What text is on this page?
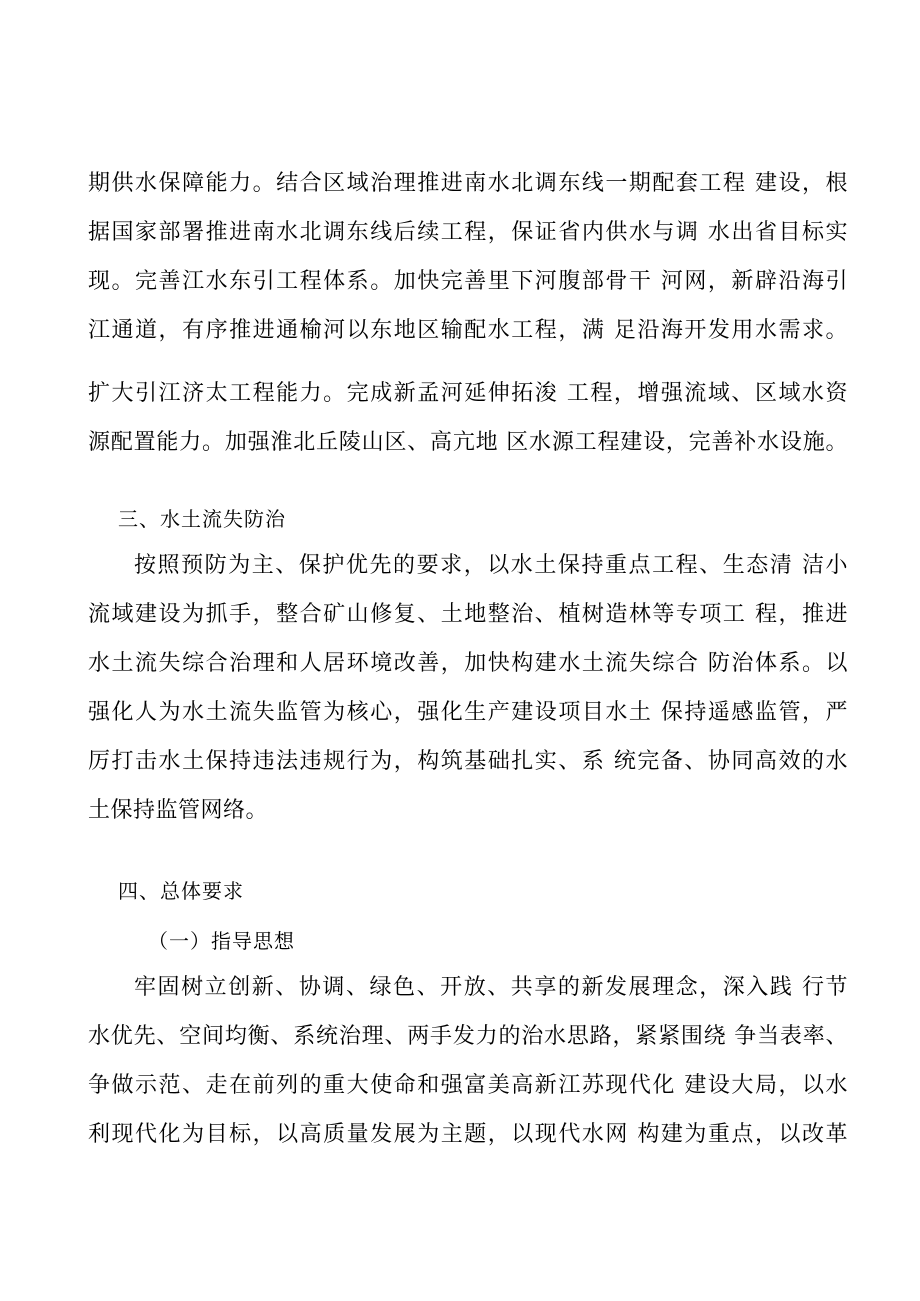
期供水保障能力。结合区域治理推进南水北调东线一期配套工程 建设，根
据国家部署推进南水北调东线后续工程，保证省内供水与调 水出省目标实
现。完善江水东引工程体系。加快完善里下河腹部骨干 河网，新辟沿海引
江通道，有序推进通榆河以东地区输配水工程，满 足沿海开发用水需求。
扩大引江济太工程能力。完成新孟河延伸拓浚 工程，增强流域、区域水资
源配置能力。加强淮北丘陵山区、高亢地 区水源工程建设，完善补水设施。
三、水土流失防治
按照预防为主、保护优先的要求，以水土保持重点工程、生态清 洁小
流域建设为抓手，整合矿山修复、土地整治、植树造林等专项工 程，推进
水土流失综合治理和人居环境改善，加快构建水土流失综合 防治体系。以
强化人为水土流失监管为核心，强化生产建设项目水土 保持遥感监管，严
厉打击水土保持违法违规行为，构筑基础扎实、系 统完备、协同高效的水
土保持监管网络。
四、总体要求
（一）指导思想
牢固树立创新、协调、绿色、开放、共享的新发展理念，深入践 行节
水优先、空间均衡、系统治理、两手发力的治水思路，紧紧围绕 争当表率、
争做示范、走在前列的重大使命和强富美高新江苏现代化 建设大局，以水
利现代化为目标，以高质量发展为主题，以现代水网 构建为重点，以改革
